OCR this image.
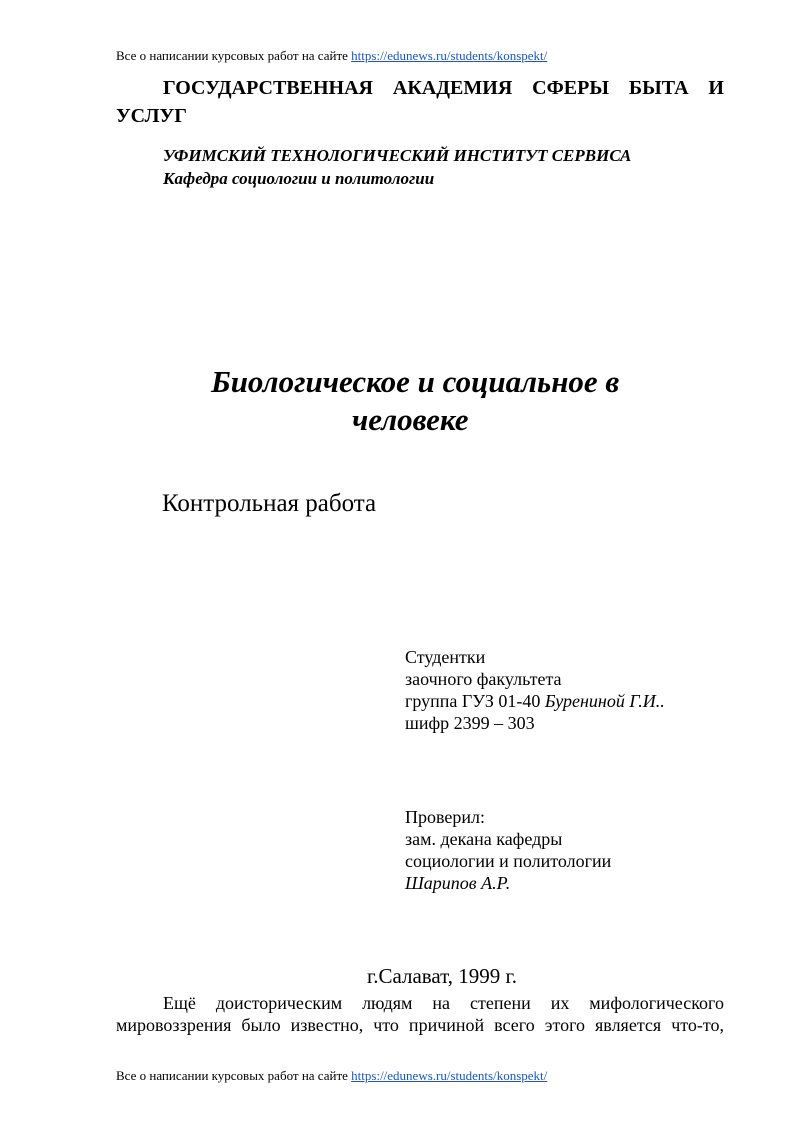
Все о написании курсовых работ на сайте https://edunews.ru/students/konspekt/
ГОСУДАРСТВЕННАЯ АКАДЕМИЯ СФЕРЫ БЫТА И УСЛУГ
УФИМСКИЙ ТЕХНОЛОГИЧЕСКИЙ ИНСТИТУТ СЕРВИСА
Кафедра социологии и политологии
Биологическое и социальное в
человеке
Контрольная работа
Студентки
заочного факультета
группа ГУЗ 01-40 Бурениной Г.И..
шифр 2399 – 303
Проверил:
зам. декана кафедры
социологии и политологии
Шарипов А.Р.
г.Салават, 1999 г.
Ещё доисторическим людям на степени их мифологического
мировоззрения было известно, что причиной всего этого является что-то,
Все о написании курсовых работ на сайте https://edunews.ru/students/konspekt/
